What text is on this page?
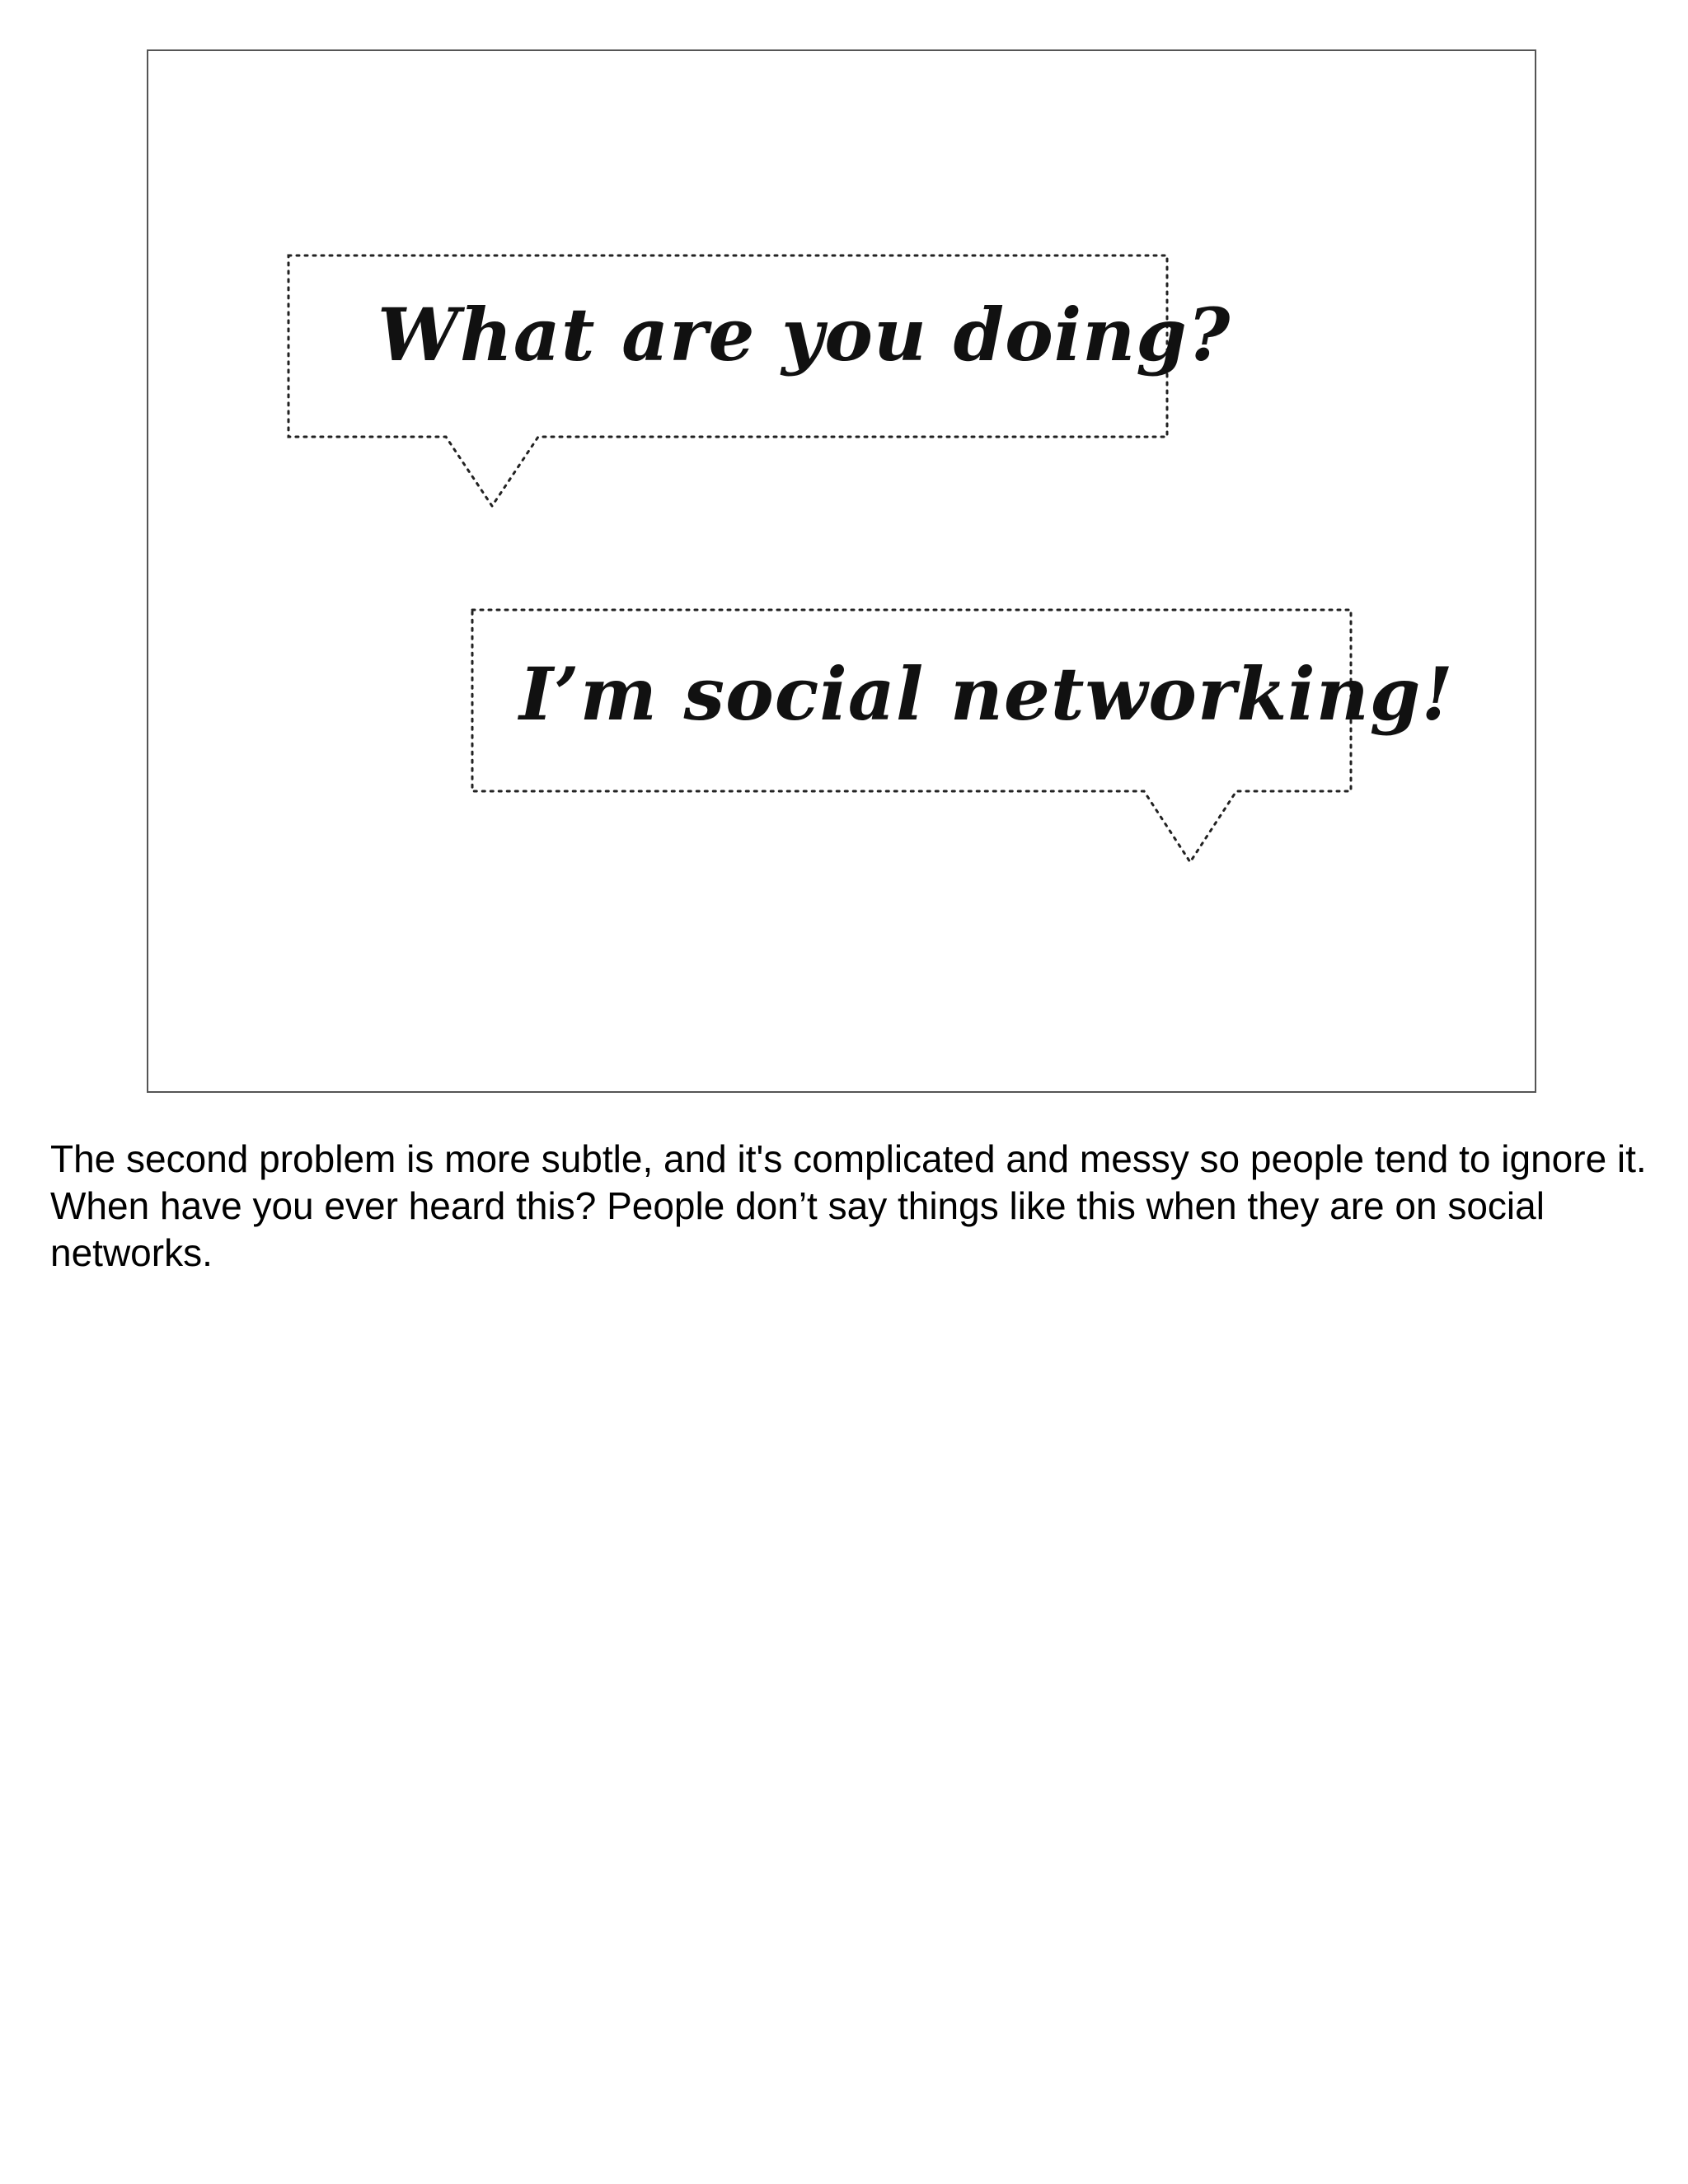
What are you doing?
I’m social networking!

The second problem is more subtle, and it's complicated and messy so people tend to ignore it.

When have you ever heard this? People don’t say things like this when they are on social networks.
